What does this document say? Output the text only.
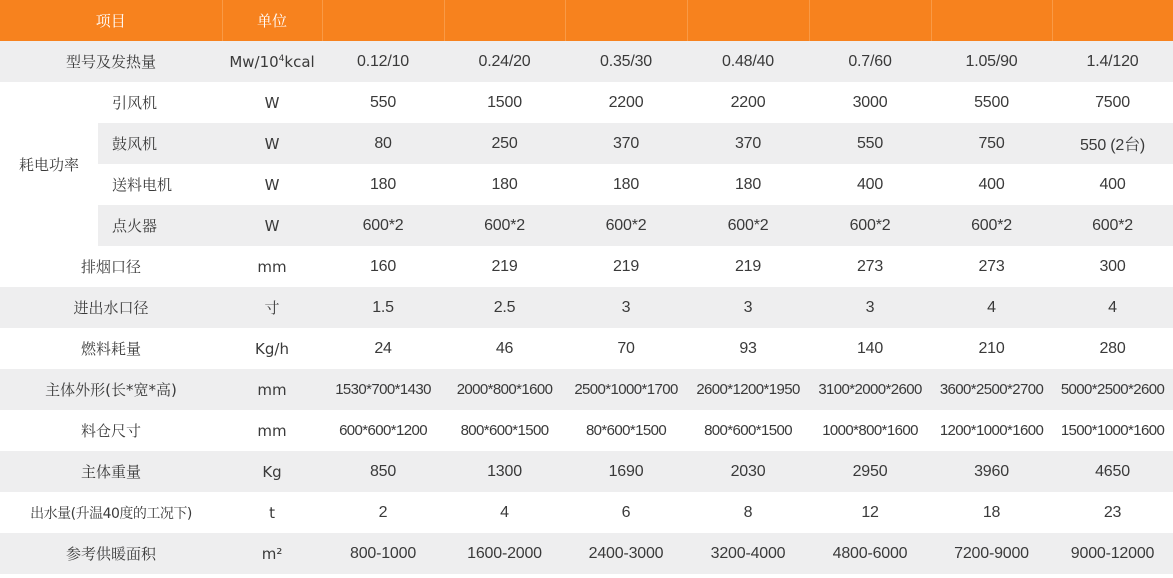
项目		单位							
型号及发热量		$Mw/10^4kcal$	0.12/10	0.24/20	0.35/30	0.48/40	0.7/60	1.05/90	1.4/120
耗电功率	引风机	W	550	1500	2200	2200	3000	5500	7500
	鼓风机	W	80	250	370	370	550	750	550 (2台)
	送料电机	W	180	180	180	180	400	400	400
	点火器	W	600*2	600*2	600*2	600*2	600*2	600*2	600*2
排烟口径		mm	160	219	219	219	273	273	300
进出水口径		寸	1.5	2.5	3	3	3	4	4
燃料耗量		Kg/h	24	46	70	93	140	210	280
主体外形(长*宽*高)		mm	1530*700*1430	2000*800*1600	2500*1000*1700	2600*1200*1950	3100*2000*2600	3600*2500*2700	5000*2500*2600
料仓尺寸		mm	600*600*1200	800*600*1500	80*600*1500	800*600*1500	1000*800*1600	1200*1000*1600	1500*1000*1600
主体重量		Kg	850	1300	1690	2030	2950	3960	4650
出水量(升温40度的工况下)		t	2	4	6	8	12	18	23
参考供暖面积		m²	800-1000	1600-2000	2400-3000	3200-4000	4800-6000	7200-9000	9000-12000
